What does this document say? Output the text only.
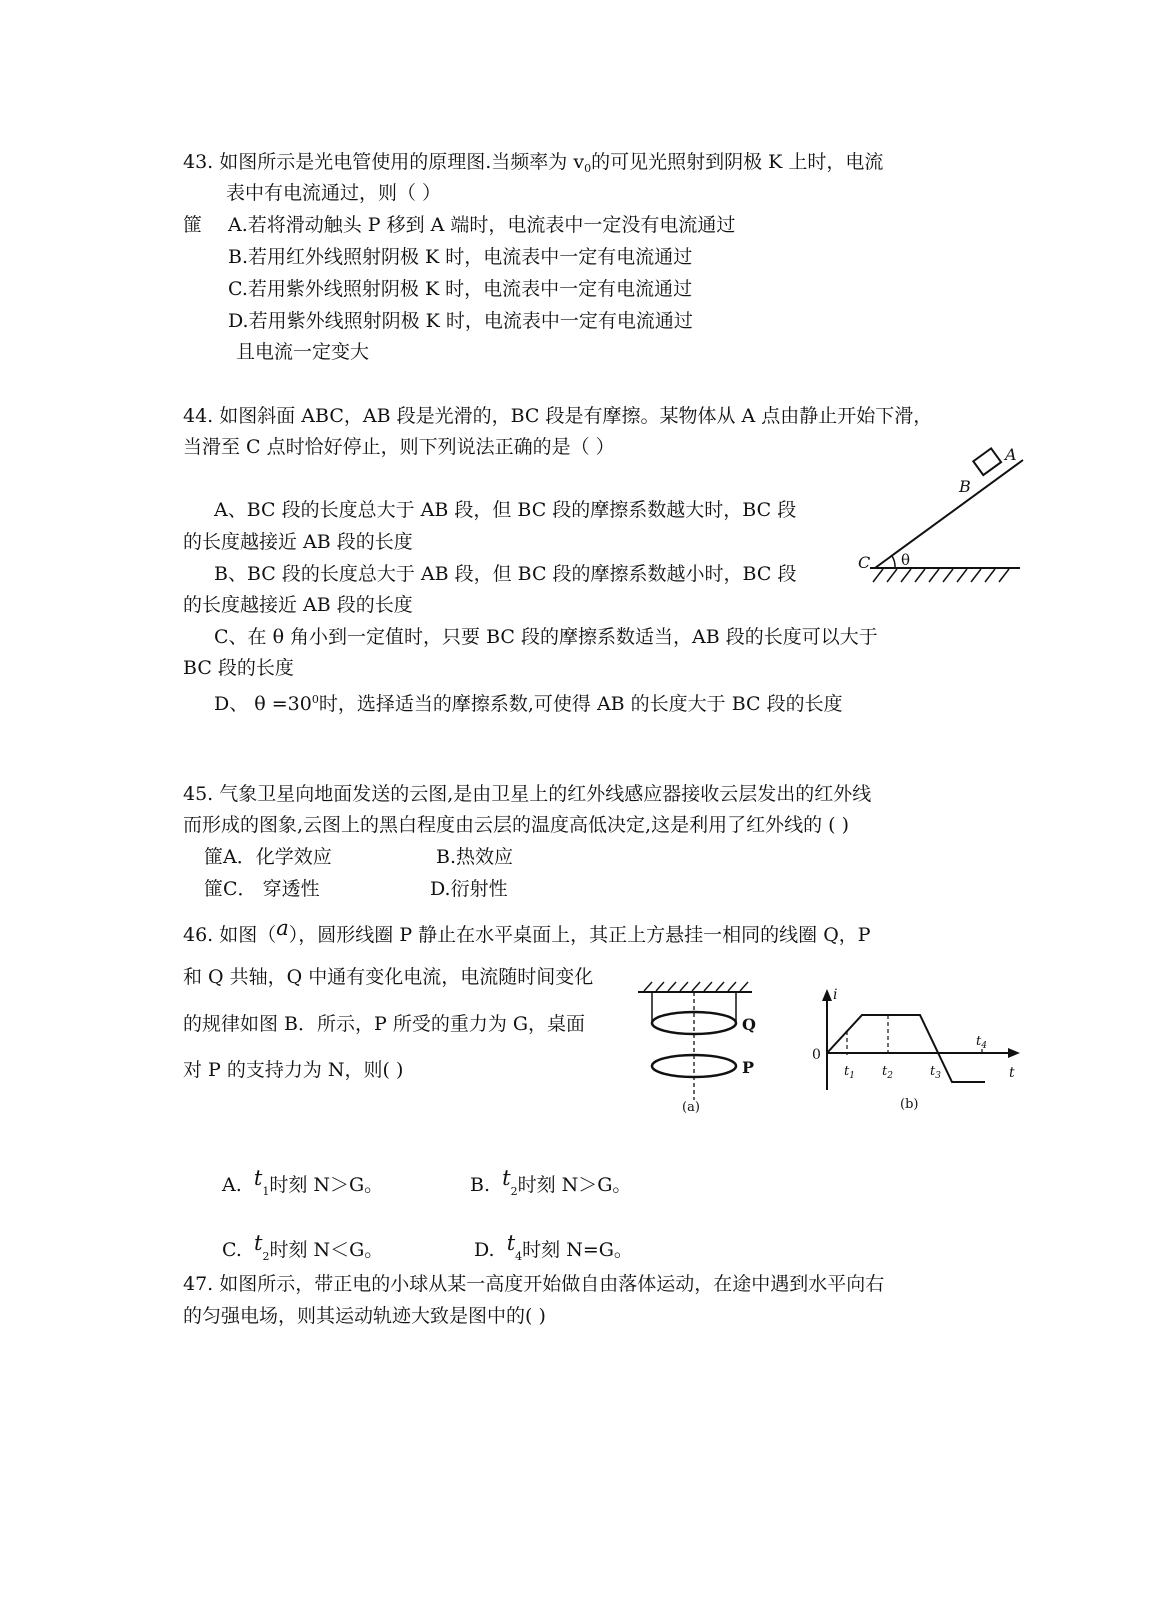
43. 如图所示是光电管使用的原理图.当频率为 $v_0$的可见光照射到阴极 K 上时，电流
表中有电流通过，则（ ）
篚 A.若将滑动触头 P 移到 A 端时，电流表中一定没有电流通过
B.若用红外线照射阴极 K 时，电流表中一定有电流通过
C.若用紫外线照射阴极 K 时，电流表中一定有电流通过
D.若用紫外线照射阴极 K 时，电流表中一定有电流通过
且电流一定变大
44. 如图斜面 ABC，AB 段是光滑的，BC 段是有摩擦。某物体从 A 点由静止开始下滑，
当滑至 C 点时恰好停止，则下列说法正确的是（ ）
A、BC 段的长度总大于 AB 段，但 BC 段的摩擦系数越大时，BC 段
的长度越接近 AB 段的长度
B、BC 段的长度总大于 AB 段，但 BC 段的摩擦系数越小时，BC 段
的长度越接近 AB 段的长度
C、在 θ 角小到一定值时，只要 BC 段的摩擦系数适当，AB 段的长度可以大于
BC 段的长度
D、 $\theta =30^0$时，选择适当的摩擦系数,可使得 AB 的长度大于 BC 段的长度
A
B
C θ
45. 气象卫星向地面发送的云图,是由卫星上的红外线感应器接收云层发出的红外线
而形成的图象,云图上的黑白程度由云层的温度高低决定,这是利用了红外线的 ( )
篚A．化学效应	B.热效应
篚C． 穿透性	D.衍射性
46. 如图（a），圆形线圈 P 静止在水平桌面上，其正上方悬挂一相同的线圈 Q，P
和 Q 共轴，Q 中通有变化电流，电流随时间变化
的规律如图 B．所示，P 所受的重力为 G，桌面
对 P 的支持力为 N，则( )
Q
P
(a)
i
t
0
$t_1$ $t_2$	$t_3$
$t_4$
(b)
A. $t_1$时刻 N＞G。	B. $t_2$时刻 N＞G。
C. $t_2$时刻 N＜G。	D. $t_4$时刻 N=G。
47. 如图所示，带正电的小球从某一高度开始做自由落体运动，在途中遇到水平向右
的匀强电场，则其运动轨迹大致是图中的( )
